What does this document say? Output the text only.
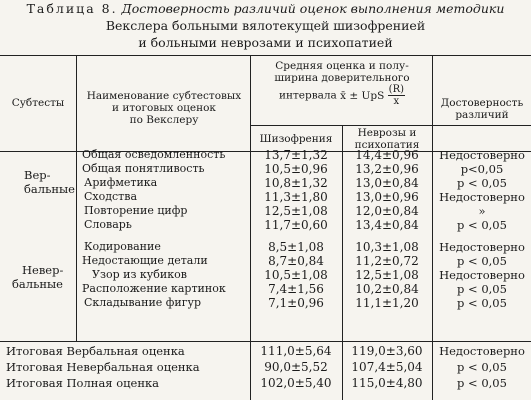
Таблица 8. Достоверность различий оценок выполнения методики
Векслера больными вялотекущей шизофренией
и больными неврозами и психопатией
Субтесты
Наименование субтестовых
и итоговых оценок
по Векслеру
Средняя оценка и полу-
ширина доверительного
интервала x̄ ± UpS $\frac{(R)}{x}$
Шизофрения	Неврозы и
психопатия
Достоверность
различий
Вер-
бальные
Невер-
бальные
Общая осведомленность	13,7±1,32	14,4±0,96	Недостоверно
Общая понятливость	10,5±0,96	13,2±0,96	р<0,05
Арифметика	10,8±1,32	13,0±0,84	р < 0,05
Сходства	11,3±1,80	13,0±0,96	Недостоверно
Повторение цифр	12,5±1,08	12,0±0,84	»
Словарь	11,7±0,60	13,4±0,84	р < 0,05
Кодирование	8,5±1,08	10,3±1,08	Недостоверно
Недостающие детали	8,7±0,84	11,2±0,72	р < 0,05
Узор из кубиков	10,5±1,08	12,5±1,08	Недостоверно
Расположение картинок	7,4±1,56	10,2±0,84	р < 0,05
Складывание фигур	7,1±0,96	11,1±1,20	р < 0,05
Итоговая Вербальная оценка	111,0±5,64	119,0±3,60	Недостоверно
Итоговая Невербальная оценка	90,0±5,52	107,4±5,04	р < 0,05
Итоговая Полная оценка	102,0±5,40	115,0±4,80	р < 0,05
